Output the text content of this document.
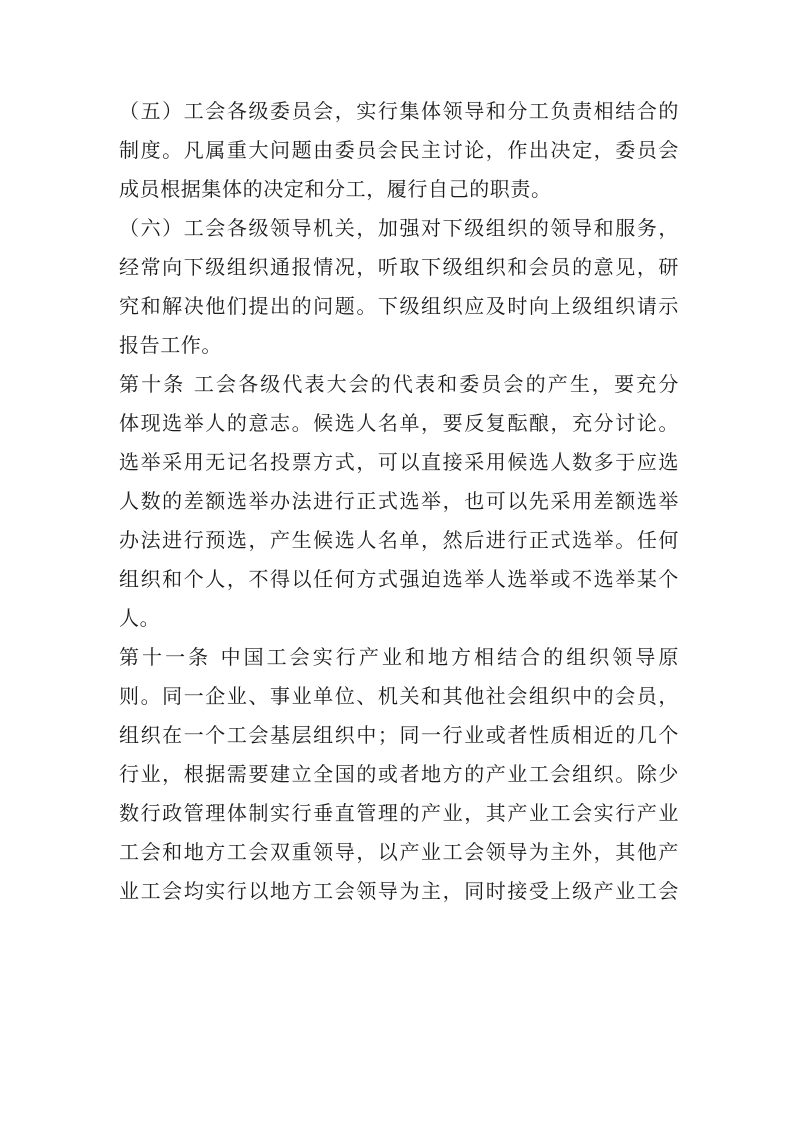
（五）工会各级委员会，实行集体领导和分工负责相结合的
制度。凡属重大问题由委员会民主讨论，作出决定，委员会
成员根据集体的决定和分工，履行自己的职责。
（六）工会各级领导机关，加强对下级组织的领导和服务，
经常向下级组织通报情况，听取下级组织和会员的意见，研
究和解决他们提出的问题。下级组织应及时向上级组织请示
报告工作。
第十条 工会各级代表大会的代表和委员会的产生，要充分
体现选举人的意志。候选人名单，要反复酝酿，充分讨论。
选举采用无记名投票方式，可以直接采用候选人数多于应选
人数的差额选举办法进行正式选举，也可以先采用差额选举
办法进行预选，产生候选人名单，然后进行正式选举。任何
组织和个人，不得以任何方式强迫选举人选举或不选举某个
人。
第十一条 中国工会实行产业和地方相结合的组织领导原
则。同一企业、事业单位、机关和其他社会组织中的会员，
组织在一个工会基层组织中；同一行业或者性质相近的几个
行业，根据需要建立全国的或者地方的产业工会组织。除少
数行政管理体制实行垂直管理的产业，其产业工会实行产业
工会和地方工会双重领导，以产业工会领导为主外，其他产
业工会均实行以地方工会领导为主，同时接受上级产业工会
